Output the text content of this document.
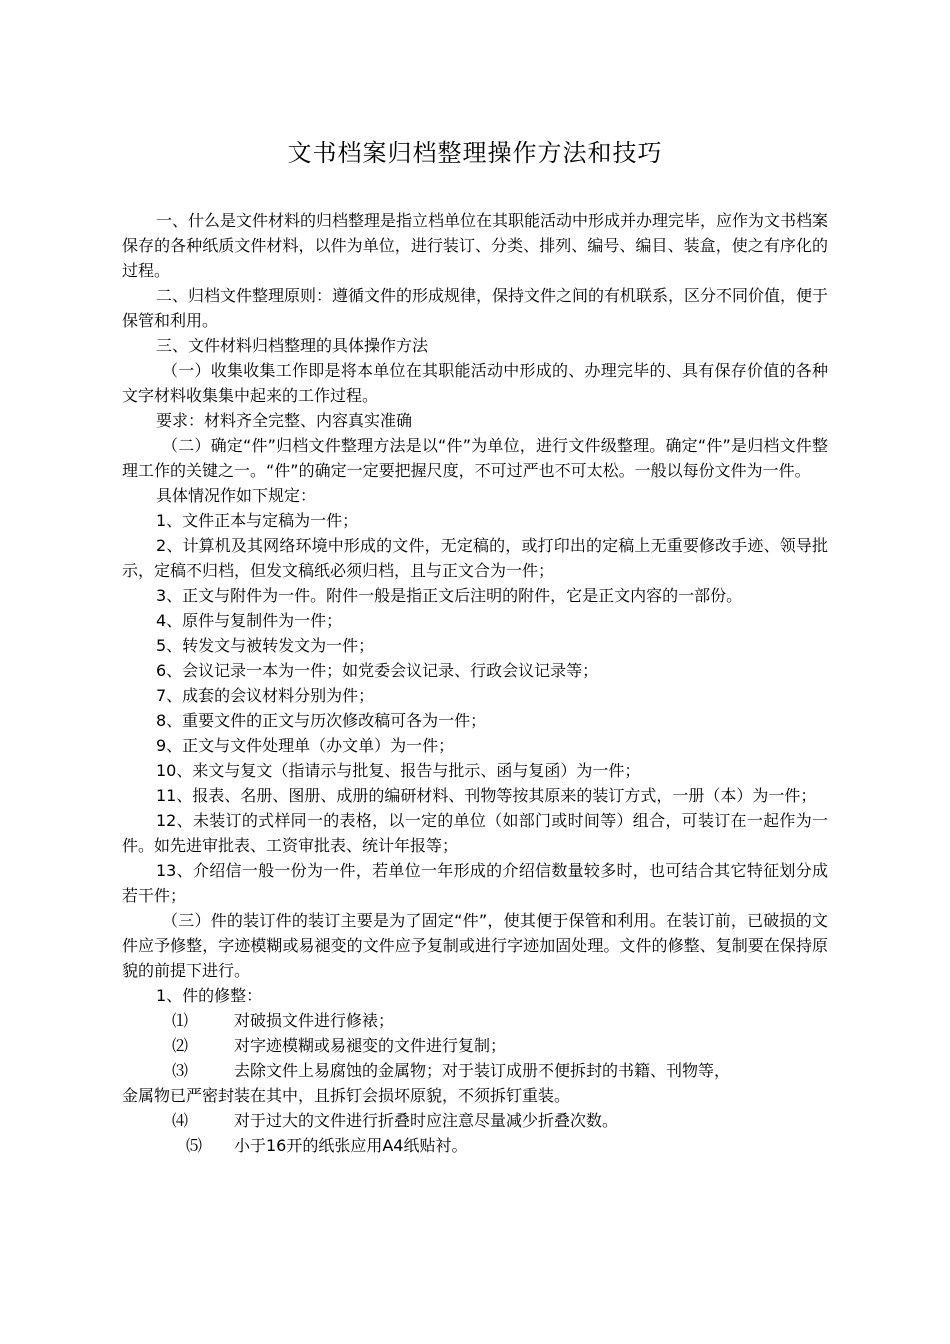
文书档案归档整理操作方法和技巧

一、什么是文件材料的归档整理是指立档单位在其职能活动中形成并办理完毕，应作为文书档案保存的各种纸质文件材料，以件为单位，进行装订、分类、排列、编号、编目、装盒，使之有序化的过程。

二、归档文件整理原则：遵循文件的形成规律，保持文件之间的有机联系，区分不同价值，便于保管和利用。

三、文件材料归档整理的具体操作方法

（一）收集收集工作即是将本单位在其职能活动中形成的、办理完毕的、具有保存价值的各种文字材料收集集中起来的工作过程。

要求：材料齐全完整、内容真实准确

（二）确定“件”归档文件整理方法是以“件”为单位，进行文件级整理。确定“件”是归档文件整理工作的关键之一。“件”的确定一定要把握尺度，不可过严也不可太松。一般以每份文件为一件。

具体情况作如下规定：

1、文件正本与定稿为一件；

2、计算机及其网络环境中形成的文件，无定稿的，或打印出的定稿上无重要修改手迹、领导批示，定稿不归档，但发文稿纸必须归档，且与正文合为一件；

3、正文与附件为一件。附件一般是指正文后注明的附件，它是正文内容的一部份。

4、原件与复制件为一件；

5、转发文与被转发文为一件；

6、会议记录一本为一件；如党委会议记录、行政会议记录等；

7、成套的会议材料分别为件；

8、重要文件的正文与历次修改稿可各为一件；

9、正文与文件处理单（办文单）为一件；

10、来文与复文（指请示与批复、报告与批示、函与复函）为一件；

11、报表、名册、图册、成册的编研材料、刊物等按其原来的装订方式，一册（本）为一件；

12、未装订的式样同一的表格，以一定的单位（如部门或时间等）组合，可装订在一起作为一件。如先进审批表、工资审批表、统计年报等；

13、介绍信一般一份为一件，若单位一年形成的介绍信数量较多时，也可结合其它特征划分成若干件；

（三）件的装订件的装订主要是为了固定“件”，使其便于保管和利用。在装订前，已破损的文件应予修整，字迹模糊或易褪变的文件应予复制或进行字迹加固处理。文件的修整、复制要在保持原貌的前提下进行。

1、件的修整：

⑴	对破损文件进行修裱；

⑵	对字迹模糊或易褪变的文件进行复制；

⑶	去除文件上易腐蚀的金属物；对于装订成册不便拆封的书籍、刊物等，
金属物已严密封装在其中，且拆钉会损坏原貌，不须拆钉重装。

⑷	对于过大的文件进行折叠时应注意尽量减少折叠次数。

⑸ 小于16开的纸张应用A4纸贴衬。
